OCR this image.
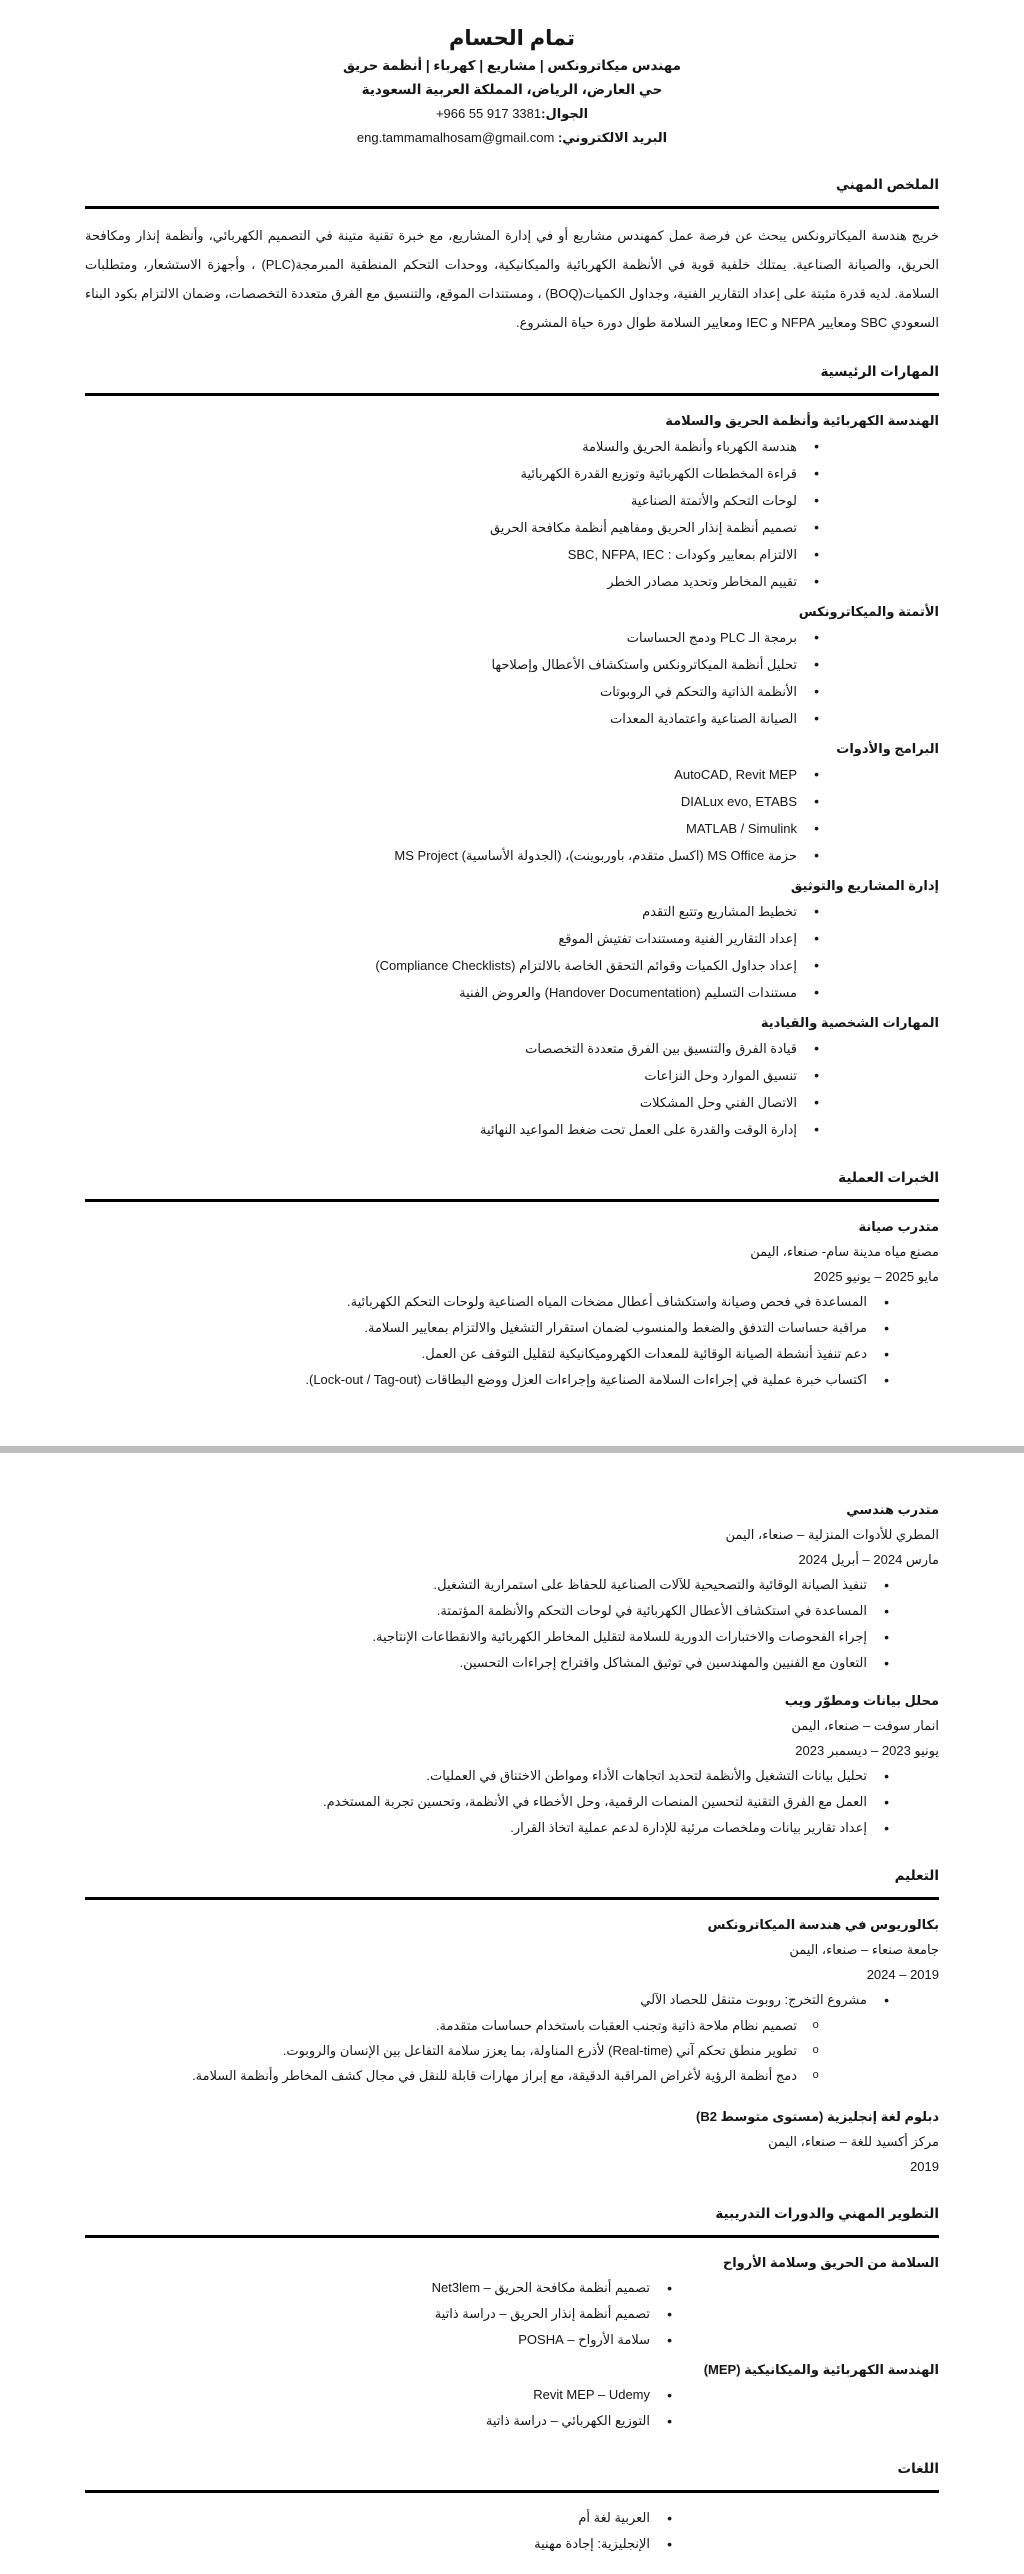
تمام الحسام
مهندس ميكاترونكس | مشاريع | كهرباء | أنظمة حريق
حي العارض، الرياض، المملكة العربية السعودية
الجوال:+966 55 917 3381
البريد الالكتروني: eng.tammamalhosam@gmail.com
الملخص المهني

خريج هندسة الميكاترونكس يبحث عن فرصة عمل كمهندس مشاريع أو في إدارة المشاريع، مع خبرة تقنية متينة في التصميم الكهربائي، وأنظمة إنذار ومكافحة الحريق، والصيانة الصناعية. يمتلك خلفية قوية في الأنظمة الكهربائية والميكانيكية، ووحدات التحكم المنطقية المبرمجة(PLC) ، وأجهزة الاستشعار، ومتطلبات السلامة. لديه قدرة مثبتة على إعداد التقارير الفنية، وجداول الكميات(BOQ) ، ومستندات الموقع، والتنسيق مع الفرق متعددة التخصصات، وضمان الالتزام بكود البناء السعودي SBC ومعايير NFPA و IEC ومعايير السلامة طوال دورة حياة المشروع.

المهارات الرئيسية
الهندسة الكهربائية وأنظمة الحريق والسلامة
• هندسة الكهرباء وأنظمة الحريق والسلامة
• قراءة المخططات الكهربائية وتوزيع القدرة الكهربائية
• لوحات التحكم والأتمتة الصناعية
• تصميم أنظمة إنذار الحريق ومفاهيم أنظمة مكافحة الحريق
• الالتزام بمعايير وكودات : SBC, NFPA, IEC
• تقييم المخاطر وتحديد مصادر الخطر
الأتمتة والميكاترونكس
• برمجة الـ PLC ودمج الحساسات
• تحليل أنظمة الميكاترونكس واستكشاف الأعطال وإصلاحها
• الأنظمة الذاتية والتحكم في الروبوتات
• الصيانة الصناعية واعتمادية المعدات
البرامج والأدوات
• AutoCAD, Revit MEP
• DIALux evo, ETABS
• MATLAB / Simulink
• حزمة MS Office (اكسل متقدم، باوربوينت)، (الجدولة الأساسية) MS Project
إدارة المشاريع والتوثيق
• تخطيط المشاريع وتتبع التقدم
• إعداد التقارير الفنية ومستندات تفتيش الموقع
• إعداد جداول الكميات وقوائم التحقق الخاصة بالالتزام (Compliance Checklists)
• مستندات التسليم (Handover Documentation) والعروض الفنية
المهارات الشخصية والقيادية
• قيادة الفرق والتنسيق بين الفرق متعددة التخصصات
• تنسيق الموارد وحل النزاعات
• الاتصال الفني وحل المشكلات
• إدارة الوقت والقدرة على العمل تحت ضغط المواعيد النهائية
الخبرات العملية
متدرب صيانة
مصنع مياه مدينة سام- صنعاء، اليمن
مايو 2025 – يونيو 2025
• المساعدة في فحص وصيانة واستكشاف أعطال مضخات المياه الصناعية ولوحات التحكم الكهربائية.
• مراقبة حساسات التدفق والضغط والمنسوب لضمان استقرار التشغيل والالتزام بمعايير السلامة.
• دعم تنفيذ أنشطة الصيانة الوقائية للمعدات الكهروميكانيكية لتقليل التوقف عن العمل.
• اكتساب خبرة عملية في إجراءات السلامة الصناعية وإجراءات العزل ووضع البطاقات (Lock-out / Tag-out).
متدرب هندسي
المطري للأدوات المنزلية – صنعاء، اليمن
مارس 2024 – أبريل 2024
• تنفيذ الصيانة الوقائية والتصحيحية للآلات الصناعية للحفاظ على استمرارية التشغيل.
• المساعدة في استكشاف الأعطال الكهربائية في لوحات التحكم والأنظمة المؤتمتة.
• إجراء الفحوصات والاختبارات الدورية للسلامة لتقليل المخاطر الكهربائية والانقطاعات الإنتاجية.
• التعاون مع الفنيين والمهندسين في توثيق المشاكل واقتراح إجراءات التحسين.
محلل بيانات ومطوّر ويب
انمار سوفت – صنعاء، اليمن
يونيو 2023 – ديسمبر 2023
• تحليل بيانات التشغيل والأنظمة لتحديد اتجاهات الأداء ومواطن الاختناق في العمليات.
• العمل مع الفرق التقنية لتحسين المنصات الرقمية، وحل الأخطاء في الأنظمة، وتحسين تجربة المستخدم.
• إعداد تقارير بيانات وملخصات مرئية للإدارة لدعم عملية اتخاذ القرار.
التعليم
بكالوريوس في هندسة الميكاترونكس
جامعة صنعاء – صنعاء، اليمن
2019 – 2024
• مشروع التخرج: روبوت متنقل للحصاد الآلي
o تصميم نظام ملاحة ذاتية وتجنب العقبات باستخدام حساسات متقدمة.
o تطوير منطق تحكم آني (Real-time) لأذرع المناولة، بما يعزز سلامة التفاعل بين الإنسان والروبوت.
o دمج أنظمة الرؤية لأغراض المراقبة الدقيقة، مع إبراز مهارات قابلة للنقل في مجال كشف المخاطر وأنظمة السلامة.
دبلوم لغة إنجليزية (مستوى متوسط B2)
مركز أكسيد للغة – صنعاء، اليمن
2019
التطوير المهني والدورات التدريبية
السلامة من الحريق وسلامة الأرواح
• تصميم أنظمة مكافحة الحريق – Net3lem
• تصميم أنظمة إنذار الحريق – دراسة ذاتية
• سلامة الأرواح – POSHA
الهندسة الكهربائية والميكانيكية (MEP)
• Revit MEP – Udemy
• التوزيع الكهربائي – دراسة ذاتية
اللغات
• العربية لغة أم
• الإنجليزية: إجادة مهنية
